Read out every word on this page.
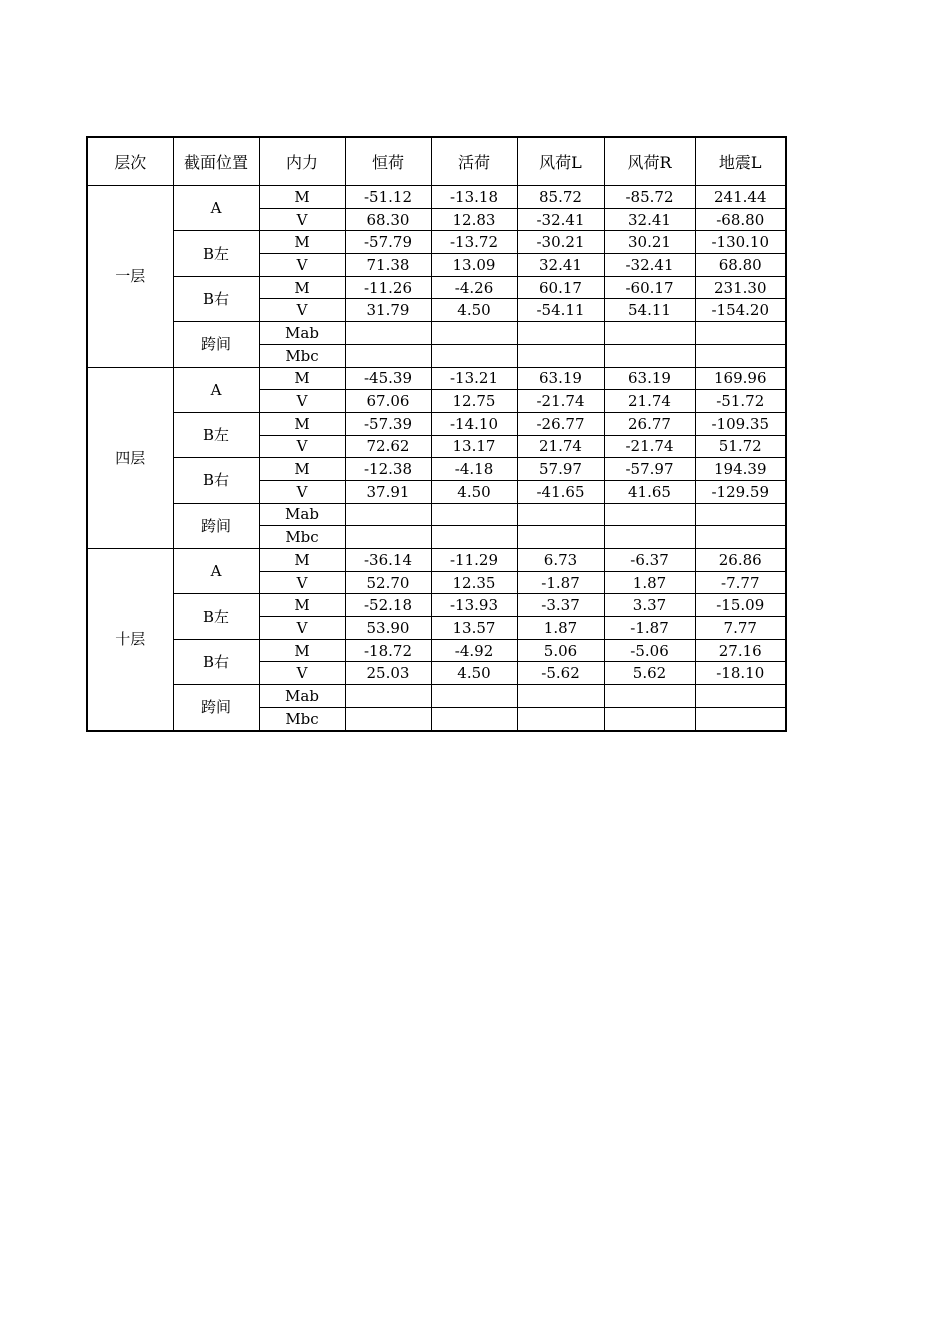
层次	截面位置	内力	恒荷	活荷	风荷L	风荷R	地震L
一层	A	M	-51.12	-13.18	85.72	-85.72	241.44
		V	68.30	12.83	-32.41	32.41	-68.80
	B左	M	-57.79	-13.72	-30.21	30.21	-130.10
		V	71.38	13.09	32.41	-32.41	68.80
	B右	M	-11.26	-4.26	60.17	-60.17	231.30
		V	31.79	4.50	-54.11	54.11	-154.20
	跨间	Mab					
		Mbc					
四层	A	M	-45.39	-13.21	63.19	63.19	169.96
		V	67.06	12.75	-21.74	21.74	-51.72
	B左	M	-57.39	-14.10	-26.77	26.77	-109.35
		V	72.62	13.17	21.74	-21.74	51.72
	B右	M	-12.38	-4.18	57.97	-57.97	194.39
		V	37.91	4.50	-41.65	41.65	-129.59
	跨间	Mab					
		Mbc					
十层	A	M	-36.14	-11.29	6.73	-6.37	26.86
		V	52.70	12.35	-1.87	1.87	-7.77
	B左	M	-52.18	-13.93	-3.37	3.37	-15.09
		V	53.90	13.57	1.87	-1.87	7.77
	B右	M	-18.72	-4.92	5.06	-5.06	27.16
		V	25.03	4.50	-5.62	5.62	-18.10
	跨间	Mab					
		Mbc					
